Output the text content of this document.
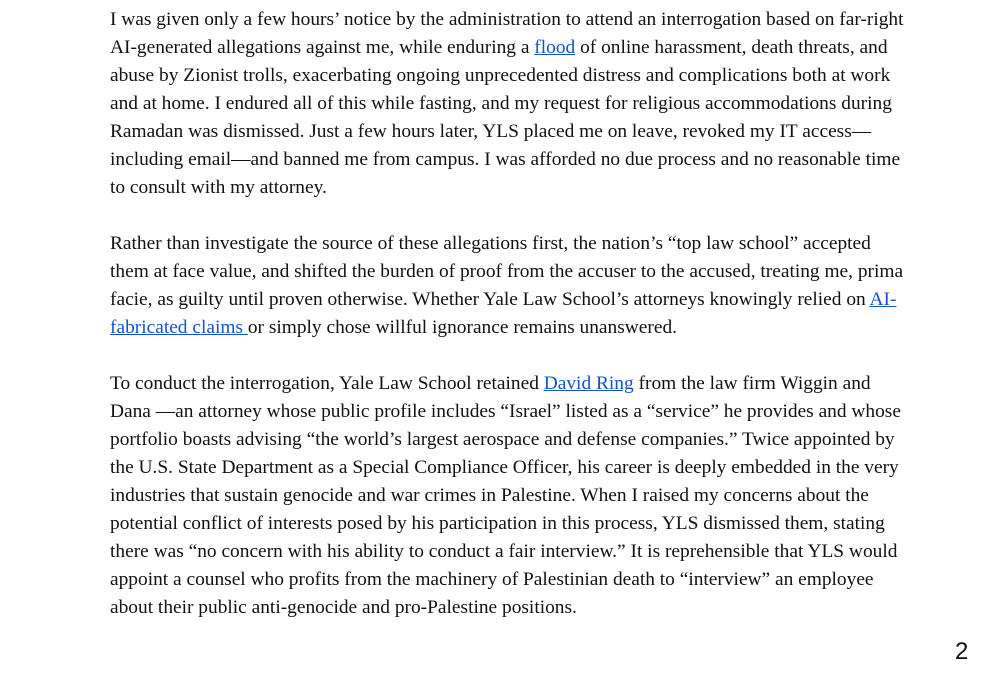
I was given only a few hours’ notice by the administration to attend an interrogation based on far-right AI-generated allegations against me, while enduring a flood of online harassment, death threats, and abuse by Zionist trolls, exacerbating ongoing unprecedented distress and complications both at work and at home. I endured all of this while fasting, and my request for religious accommodations during Ramadan was dismissed. Just a few hours later, YLS placed me on leave, revoked my IT access—including email—and banned me from campus. I was afforded no due process and no reasonable time to consult with my attorney.

Rather than investigate the source of these allegations first, the nation’s “top law school” accepted them at face value, and shifted the burden of proof from the accuser to the accused, treating me, prima facie, as guilty until proven otherwise. Whether Yale Law School’s attorneys knowingly relied on AI-fabricated claims or simply chose willful ignorance remains unanswered.

To conduct the interrogation, Yale Law School retained David Ring from the law firm Wiggin and Dana —an attorney whose public profile includes “Israel” listed as a “service” he provides and whose portfolio boasts advising “the world’s largest aerospace and defense companies.” Twice appointed by the U.S. State Department as a Special Compliance Officer, his career is deeply embedded in the very industries that sustain genocide and war crimes in Palestine. When I raised my concerns about the potential conflict of interests posed by his participation in this process, YLS dismissed them, stating there was “no concern with his ability to conduct a fair interview.” It is reprehensible that YLS would appoint a counsel who profits from the machinery of Palestinian death to “interview” an employee about their public anti-genocide and pro-Palestine positions.

2
